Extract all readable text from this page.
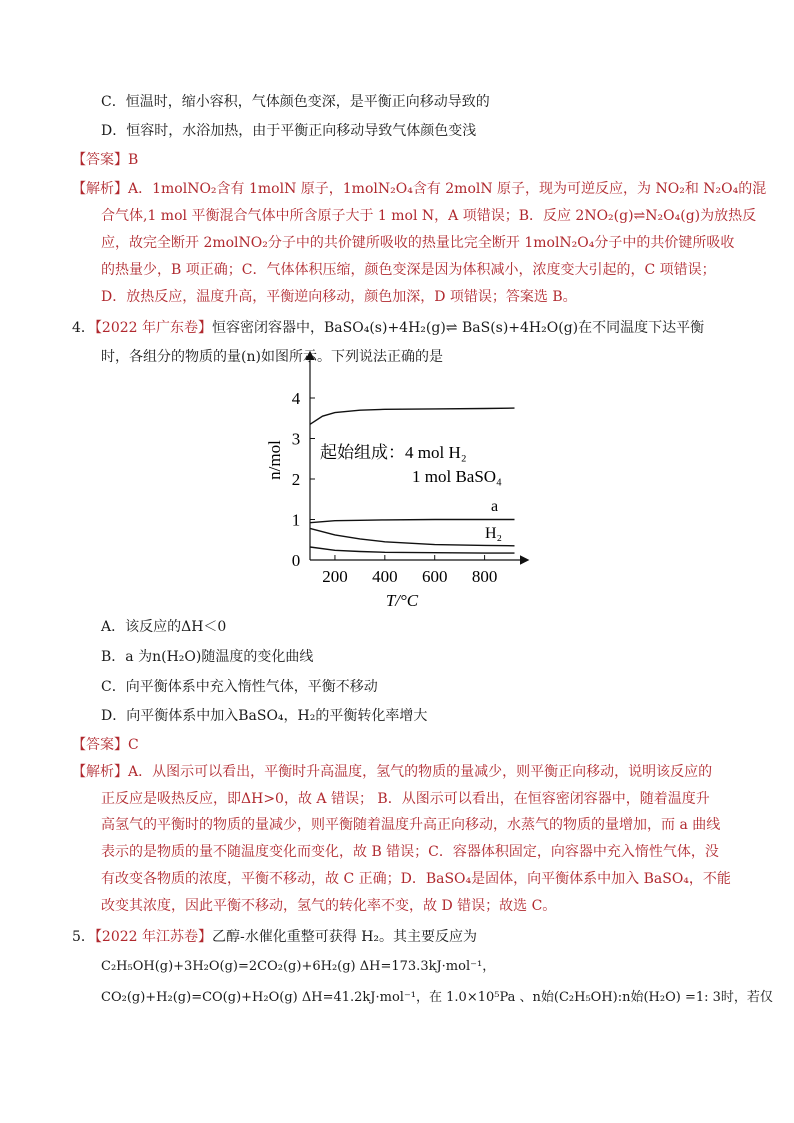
C．恒温时，缩小容积，气体颜色变深，是平衡正向移动导致的
D．恒容时，水浴加热，由于平衡正向移动导致气体颜色变浅
【答案】B
【解析】A．1molNO₂含有 1molN 原子，1molN₂O₄含有 2molN 原子，现为可逆反应，为 NO₂和 N₂O₄的混
合气体,1 mol 平衡混合气体中所含原子大于 1 mol N，A 项错误；B．反应 2NO₂(g)⇌N₂O₄(g)为放热反
应，故完全断开 2molNO₂分子中的共价键所吸收的热量比完全断开 1molN₂O₄分子中的共价键所吸收
的热量少，B 项正确；C．气体体积压缩，颜色变深是因为体积减小，浓度变大引起的，C 项错误；
D．放热反应，温度升高，平衡逆向移动，颜色加深，D 项错误；答案选 B。
4．【2022 年广东卷】恒容密闭容器中，BaSO₄(s)+4H₂(g)⇌ BaS(s)+4H₂O(g)在不同温度下达平衡
时，各组分的物质的量(n)如图所示。下列说法正确的是
0
1
2
3
4
200 400 600 800
n/mol
T/°C
起始组成：4 mol H₂
1 mol BaSO₄
a
H₂
A．该反应的ΔH＜0
B．a 为n(H₂O)随温度的变化曲线
C．向平衡体系中充入惰性气体，平衡不移动
D．向平衡体系中加入BaSO₄，H₂的平衡转化率增大
【答案】C
【解析】A．从图示可以看出，平衡时升高温度，氢气的物质的量减少，则平衡正向移动，说明该反应的
正反应是吸热反应，即ΔH>0，故 A 错误； B．从图示可以看出，在恒容密闭容器中，随着温度升
高氢气的平衡时的物质的量减少，则平衡随着温度升高正向移动，水蒸气的物质的量增加，而 a 曲线
表示的是物质的量不随温度变化而变化，故 B 错误；C．容器体积固定，向容器中充入惰性气体，没
有改变各物质的浓度，平衡不移动，故 C 正确；D．BaSO₄是固体，向平衡体系中加入 BaSO₄，不能
改变其浓度，因此平衡不移动，氢气的转化率不变，故 D 错误；故选 C。
5．【2022 年江苏卷】乙醇-水催化重整可获得 H₂。其主要反应为
C₂H₅OH(g)+3H₂O(g)=2CO₂(g)+6H₂(g) ΔH=173.3kJ·mol⁻¹，
CO₂(g)+H₂(g)=CO(g)+H₂O(g) ΔH=41.2kJ·mol⁻¹，在 1.0×10⁵Pa 、n始(C₂H₅OH):n始(H₂O) =1: 3时，若仅
